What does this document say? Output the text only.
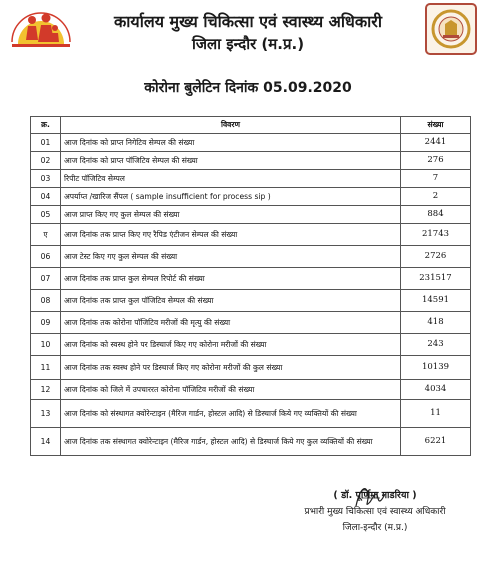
कार्यालय मुख्य चिकित्सा एवं स्वास्थ्य अधिकारी
जिला इन्दौर (म.प्र.)
कोरोना बुलेटिन दिनांक 05.09.2020
क्र.	विवरण	संख्या
01	आज दिनांक को प्राप्त निगेटिव सेम्पल की संख्या	2441
02	आज दिनांक को प्राप्त पॉजिटिव सेम्पल की संख्या	276
03	रिपीट पॉजिटिव सेम्पल	7
04	अपर्याप्त /खारिज सैंपल ( sample insufficient for process sip )	2
05	आज प्राप्त किए गए कुल सेम्पल की संख्या	884
ए	आज दिनांक तक प्राप्त किए गए रैपिड एंटीजन सेम्पल की संख्या	21743
06	आज टेस्ट किए गए कुल सेम्पल की संख्या	2726
07	आज दिनांक तक प्राप्त कुल सेम्पल रिपोर्ट की संख्या	231517
08	आज दिनांक तक प्राप्त कुल पॉजिटिव सेम्पल की संख्या	14591
09	आज दिनांक तक कोरोना पॉजिटिव मरीजों की मृत्यु की संख्या	418
10	आज दिनांक को स्वस्थ होने पर डिस्चार्ज किए गए कोरोना मरीजों की संख्या	243
11	आज दिनांक तक स्वस्थ होने पर डिस्चार्ज किए गए कोरोना मरीजों की कुल संख्या	10139
12	आज दिनांक को जिले में उपचाररत कोरोना पॉजिटिव मरीजों की संख्या	4034
13	आज दिनांक को संस्थागत क्वोरेन्टाइन (मैरिज गार्डन, होस्टल आदि) से डिस्चार्ज किये गए व्यक्तियों की संख्या	11
14	आज दिनांक तक संस्थागत क्वोरेन्टाइन (मैरिज गार्डन, होस्टल आदि) से डिस्चार्ज किये गए कुल व्यक्तियों की संख्या	6221
( डॉ. पूर्णिमा गाडरिया )
प्रभारी मुख्य चिकित्सा एवं स्वास्थ्य अधिकारी
जिला-इन्दौर (म.प्र.)
